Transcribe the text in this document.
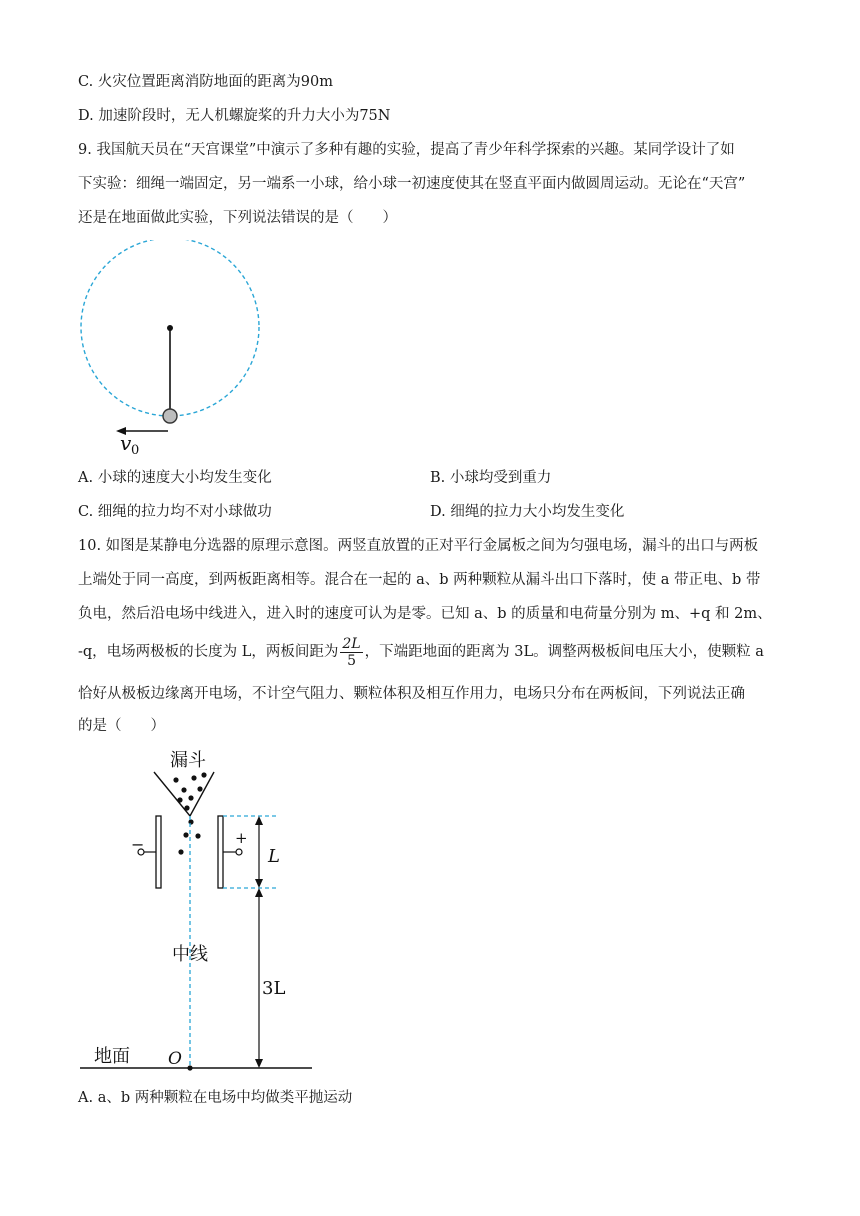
C. 火灾位置距离消防地面的距离为90m
D. 加速阶段时，无人机螺旋桨的升力大小为75N
9. 我国航天员在“天宫课堂”中演示了多种有趣的实验，提高了青少年科学探索的兴趣。某同学设计了如
下实验：细绳一端固定，另一端系一小球，给小球一初速度使其在竖直平面内做圆周运动。无论在“天宫”
还是在地面做此实验，下列说法错误的是（　　）
v 0
A. 小球的速度大小均发生变化	B. 小球均受到重力
C. 细绳的拉力均不对小球做功	D. 细绳的拉力大小均发生变化
10. 如图是某静电分选器的原理示意图。两竖直放置的正对平行金属板之间为匀强电场，漏斗的出口与两板
上端处于同一高度，到两板距离相等。混合在一起的 a、b 两种颗粒从漏斗出口下落时，使 a 带正电、b 带
负电，然后沿电场中线进入，进入时的速度可认为是零。已知 a、b 的质量和电荷量分别为 m、+q 和 2m、
-q，电场两极板的长度为 L，两板间距为 $\frac{2L}{5}$ ，下端距地面的距离为 3L。调整两极板间电压大小，使颗粒 a
恰好从极板边缘离开电场，不计空气阻力、颗粒体积及相互作用力，电场只分布在两板间，下列说法正确
的是（　　）
漏斗
−	+
L
3L
中线
地面 O
A. a、b 两种颗粒在电场中均做类平抛运动
